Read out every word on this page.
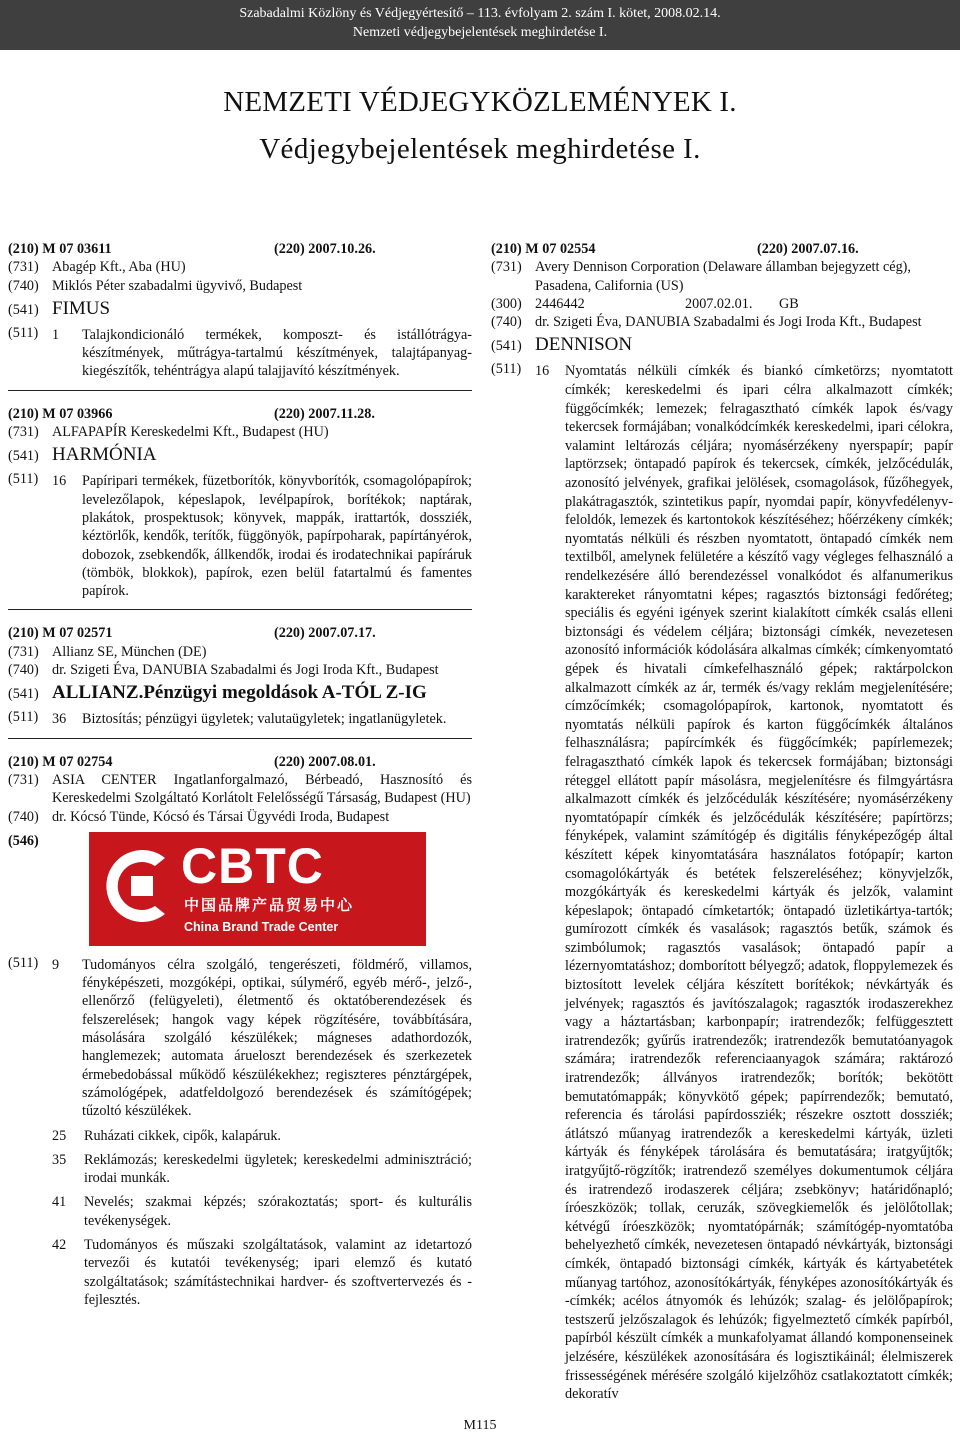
Szabadalmi Közlöny és Védjegyértesítő – 113. évfolyam 2. szám I. kötet, 2008.02.14.
Nemzeti védjegybejelentések meghirdetése I.
NEMZETI VÉDJEGYKÖZLEMÉNYEK I.
Védjegybejelentések meghirdetése I.
(210) M 07 03611	(220) 2007.10.26.
(731) Abagép Kft., Aba (HU)
(740) Miklós Péter szabadalmi ügyvivő, Budapest
(541) FIMUS
(511) 1	Talajkondicionáló termékek, komposzt- és istállótrágya-készítmények, műtrágya-tartalmú készítmények, talajtápanyag-kiegészítők, tehéntrágya alapú talajjavító készítmények.
(210) M 07 03966	(220) 2007.11.28.
(731) ALFAPAPÍR Kereskedelmi Kft., Budapest (HU)
(541) HARMÓNIA
(511) 16	Papíripari termékek, füzetborítók, könyvborítók, csomagolópapírok; levelezőlapok, képeslapok, levélpapírok, borítékok; naptárak, plakátok, prospektusok; könyvek, mappák, irattartók, dossziék, kéztörlők, kendők, terítők, függönyök, papírpoharak, papírtányérok, dobozok, zsebkendők, állkendők, irodai és irodatechnikai papíráruk (tömbök, blokkok), papírok, ezen belül fatartalmú és famentes papírok.
(210) M 07 02571	(220) 2007.07.17.
(731) Allianz SE, München (DE)
(740) dr. Szigeti Éva, DANUBIA Szabadalmi és Jogi Iroda Kft., Budapest
(541) ALLIANZ.Pénzügyi megoldások A-TÓL Z-IG
(511) 36	Biztosítás; pénzügyi ügyletek; valutaügyletek; ingatlanügyletek.
(210) M 07 02754	(220) 2007.08.01.
(731) ASIA CENTER Ingatlanforgalmazó, Bérbeadó, Hasznosító és Kereskedelmi Szolgáltató Korlátolt Felelősségű Társaság, Budapest (HU)
(740) dr. Kócsó Tünde, Kócsó és Társai Ügyvédi Iroda, Budapest
(546)	CBTC
中国品牌产品贸易中心
China Brand Trade Center
(511) 9	Tudományos célra szolgáló, tengerészeti, földmérő, villamos, fényképészeti, mozgóképi, optikai, súlymérő, egyéb mérő-, jelző-, ellenőrző (felügyeleti), életmentő és oktatóberendezések és felszerelések; hangok vagy képek rögzítésére, továbbítására, másolására szolgáló készülékek; mágneses adathordozók, hanglemezek; automata árueloszt berendezések és szerkezetek érmebedobással működő készülékekhez; regiszteres pénztárgépek, számológépek, adatfeldolgozó berendezések és számítógépek; tűzoltó készülékek.
25	Ruházati cikkek, cipők, kalapáruk.
35	Reklámozás; kereskedelmi ügyletek; kereskedelmi adminisztráció; irodai munkák.
41	Nevelés; szakmai képzés; szórakoztatás; sport- és kulturális tevékenységek.
42	Tudományos és műszaki szolgáltatások, valamint az idetartozó tervezői és kutatói tevékenység; ipari elemző és kutató szolgáltatások; számítástechnikai hardver- és szoftvertervezés és -fejlesztés.
(210) M 07 02554	(220) 2007.07.16.
(731) Avery Dennison Corporation (Delaware államban bejegyzett cég), Pasadena, California (US)
(300) 2446442	2007.02.01.	GB
(740) dr. Szigeti Éva, DANUBIA Szabadalmi és Jogi Iroda Kft., Budapest
(541) DENNISON
(511) 16	Nyomtatás nélküli címkék és biankó címketörzs; nyomtatott címkék; kereskedelmi és ipari célra alkalmazott címkék; függőcímkék; lemezek; felragasztható címkék lapok és/vagy tekercsek formájában; vonalkódcímkék kereskedelmi, ipari célokra, valamint leltározás céljára; nyomásérzékeny nyerspapír; papír laptörzsek; öntapadó papírok és tekercsek, címkék, jelzőcédulák, azonosító jelvények, grafikai jelölések, csomagolások, fűzőhegyek, plakátragasztók, szintetikus papír, nyomdai papír, könyvfedélenyv-feloldók, lemezek és kartontokok készítéséhez; hőérzékeny címkék; nyomtatás nélküli és részben nyomtatott, öntapadó címkék nem textilből, amelynek felületére a készítő vagy végleges felhasználó a rendelkezésére álló berendezéssel vonalkódot és alfanumerikus karaktereket rányomtatni képes; ragasztós biztonsági fedőréteg; speciális és egyéni igények szerint kialakított címkék csalás elleni biztonsági és védelem céljára; biztonsági címkék, nevezetesen azonosító információk kódolására alkalmas címkék; címkenyomtató gépek és hivatali címkefelhasználó gépek; raktárpolckon alkalmazott címkék az ár, termék és/vagy reklám megjelenítésére; címzőcímkék; csomagolópapírok, kartonok, nyomtatott és nyomtatás nélküli papírok és karton függőcímkék általános felhasználásra; papírcímkék és függőcímkék; papírlemezek; felragasztható címkék lapok és tekercsek formájában; biztonsági réteggel ellátott papír másolásra, megjelenítésre és filmgyártásra alkalmazott címkék és jelzőcédulák készítésére; nyomásérzékeny nyomtatópapír címkék és jelzőcédulák készítésére; papírtörzs; fényképek, valamint számítógép és digitális fényképezőgép által készített képek kinyomtatására használatos fotópapír; karton csomagolókártyák és betétek felszereléséhez; könyvjelzők, mozgókártyák és kereskedelmi kártyák és jelzők, valamint képeslapok; öntapadó címketartók; öntapadó üzletikártya-tartók; gumírozott címkék és vasalások; ragasztós betűk, számok és szimbólumok; ragasztós vasalások; öntapadó papír a lézernyomtatáshoz; domborított bélyegző; adatok, floppylemezek és biztosított levelek céljára készített borítékok; névkártyák és jelvények; ragasztós és javítószalagok; ragasztók irodaszerekhez vagy a háztartásban; karbonpapír; iratrendezők; felfüggesztett iratrendezők; gyűrűs iratrendezők; iratrendezők bemutatóanyagok számára; iratrendezők referenciaanyagok számára; raktározó iratrendezők; állványos iratrendezők; borítók; bekötött bemutatómappák; könyvkötő gépek; papírrendezők; bemutató, referencia és tárolási papírdossziék; részekre osztott dossziék; átlátszó műanyag iratrendezők a kereskedelmi kártyák, üzleti kártyák és fényképek tárolására és bemutatására; iratgyűjtők; iratgyűjtő-rögzítők; iratrendező személyes dokumentumok céljára és iratrendező irodaszerek céljára; zsebkönyv; határidőnapló; íróeszközök; tollak, ceruzák, szövegkiemelők és jelölőtollak; kétvégű íróeszközök; nyomtatópárnák; számítógép-nyomtatóba behelyezhető címkék, nevezetesen öntapadó névkártyák, biztonsági címkék, öntapadó biztonsági címkék, kártyák és kártyabetétek műanyag tartóhoz, azonosítókártyák, fényképes azonosítókártyák és -címkék; acélos átnyomók és lehúzók; szalag- és jelölőpapírok; testszerű jelzőszalagok és lehúzók; figyelmeztető címkék papírból, papírból készült címkék a munkafolyamat állandó komponenseinek jelzésére, készülékek azonosítására és logisztikáinál; élelmiszerek frissességének mérésére szolgáló kijelzőhöz csatlakoztatott címkék; dekoratív
M115
